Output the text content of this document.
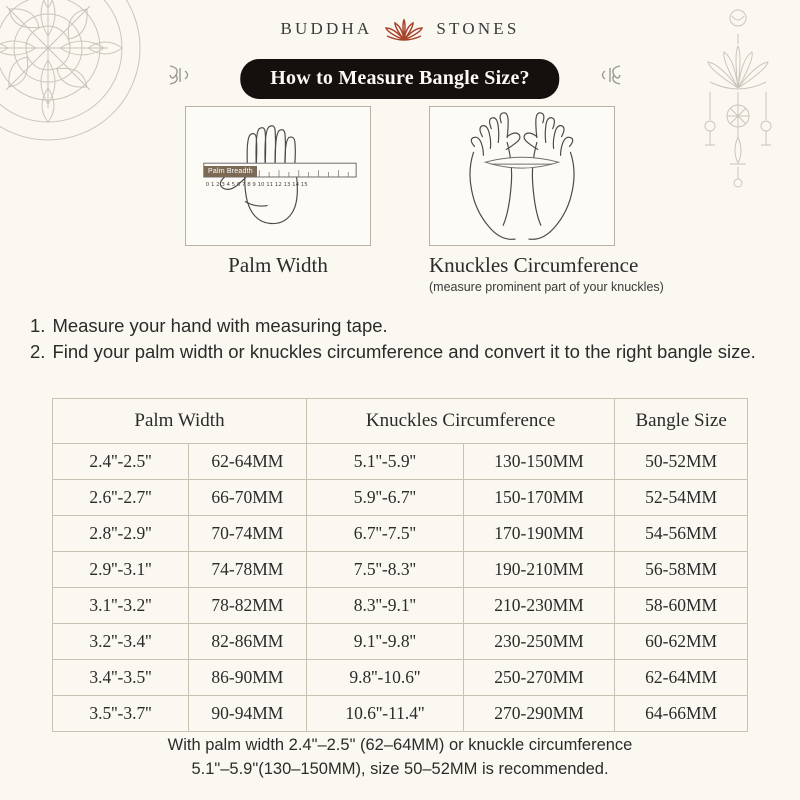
BUDDHA	STONES
How to Measure Bangle Size?
0 1 2 3 4 5 6 7 8 9 10 11 12 13 14 15
Palm Breadth
Palm Width	Knuckles Circumference
(measure prominent part of your knuckles)
1. Measure your hand with measuring tape.
2. Find your palm width or knuckles circumference and convert it to the right bangle size.
Palm Width		Knuckles Circumference		Bangle Size
2.4''-2.5''	62-64MM	5.1''-5.9''	130-150MM	50-52MM
2.6''-2.7''	66-70MM	5.9''-6.7''	150-170MM	52-54MM
2.8''-2.9''	70-74MM	6.7''-7.5''	170-190MM	54-56MM
2.9''-3.1''	74-78MM	7.5''-8.3''	190-210MM	56-58MM
3.1''-3.2''	78-82MM	8.3''-9.1''	210-230MM	58-60MM
3.2''-3.4''	82-86MM	9.1''-9.8''	230-250MM	60-62MM
3.4''-3.5''	86-90MM	9.8''-10.6''	250-270MM	62-64MM
3.5''-3.7''	90-94MM	10.6''-11.4''	270-290MM	64-66MM
With palm width 2.4"–2.5" (62–64MM) or knuckle circumference
5.1"–5.9"(130–150MM), size 50–52MM is recommended.
